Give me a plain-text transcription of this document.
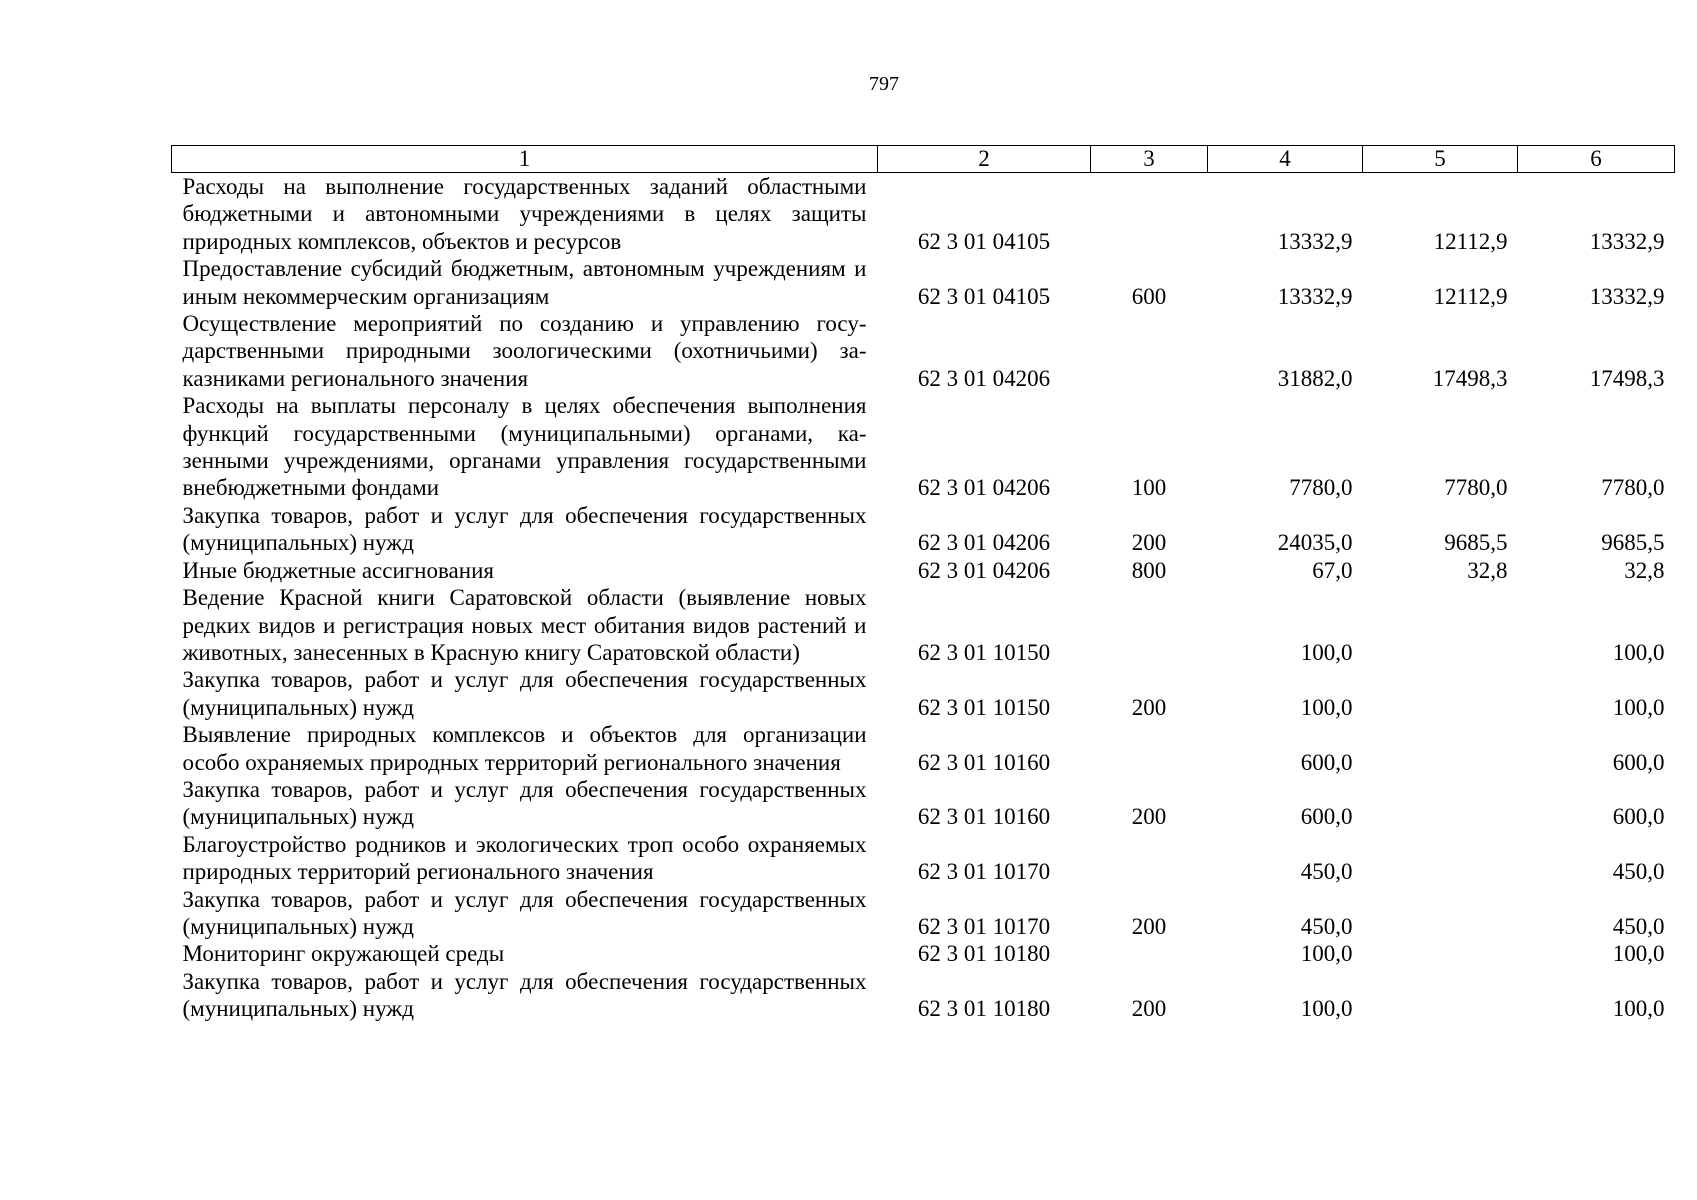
797
1	2	3	4	5	6
Расходы на выполнение государственных заданий областными бюджетными и автономными учреждениями в целях защиты природных комплексов, объектов и ресурсов	62 3 01 04105		13332,9	12112,9	13332,9
Предоставление субсидий бюджетным, автономным учреждениям и иным некоммерческим организациям	62 3 01 04105	600	13332,9	12112,9	13332,9
Осуществление мероприятий по созданию и управлению государственными природными зоологическими (охотничьими) заказниками регионального значения	62 3 01 04206		31882,0	17498,3	17498,3
Расходы на выплаты персоналу в целях обеспечения выполнения функций государственными (муниципальными) органами, казенными учреждениями, органами управления государственными внебюджетными фондами	62 3 01 04206	100	7780,0	7780,0	7780,0
Закупка товаров, работ и услуг для обеспечения государственных (муниципальных) нужд	62 3 01 04206	200	24035,0	9685,5	9685,5
Иные бюджетные ассигнования	62 3 01 04206	800	67,0	32,8	32,8
Ведение Красной книги Саратовской области (выявление новых редких видов и регистрация новых мест обитания видов растений и животных, занесенных в Красную книгу Саратовской области)	62 3 01 10150		100,0		100,0
Закупка товаров, работ и услуг для обеспечения государственных (муниципальных) нужд	62 3 01 10150	200	100,0		100,0
Выявление природных комплексов и объектов для организации особо охраняемых природных территорий регионального значения	62 3 01 10160		600,0		600,0
Закупка товаров, работ и услуг для обеспечения государственных (муниципальных) нужд	62 3 01 10160	200	600,0		600,0
Благоустройство родников и экологических троп особо охраняемых природных территорий регионального значения	62 3 01 10170		450,0		450,0
Закупка товаров, работ и услуг для обеспечения государственных (муниципальных) нужд	62 3 01 10170	200	450,0		450,0
Мониторинг окружающей среды	62 3 01 10180		100,0		100,0
Закупка товаров, работ и услуг для обеспечения государственных (муниципальных) нужд	62 3 01 10180	200	100,0		100,0
